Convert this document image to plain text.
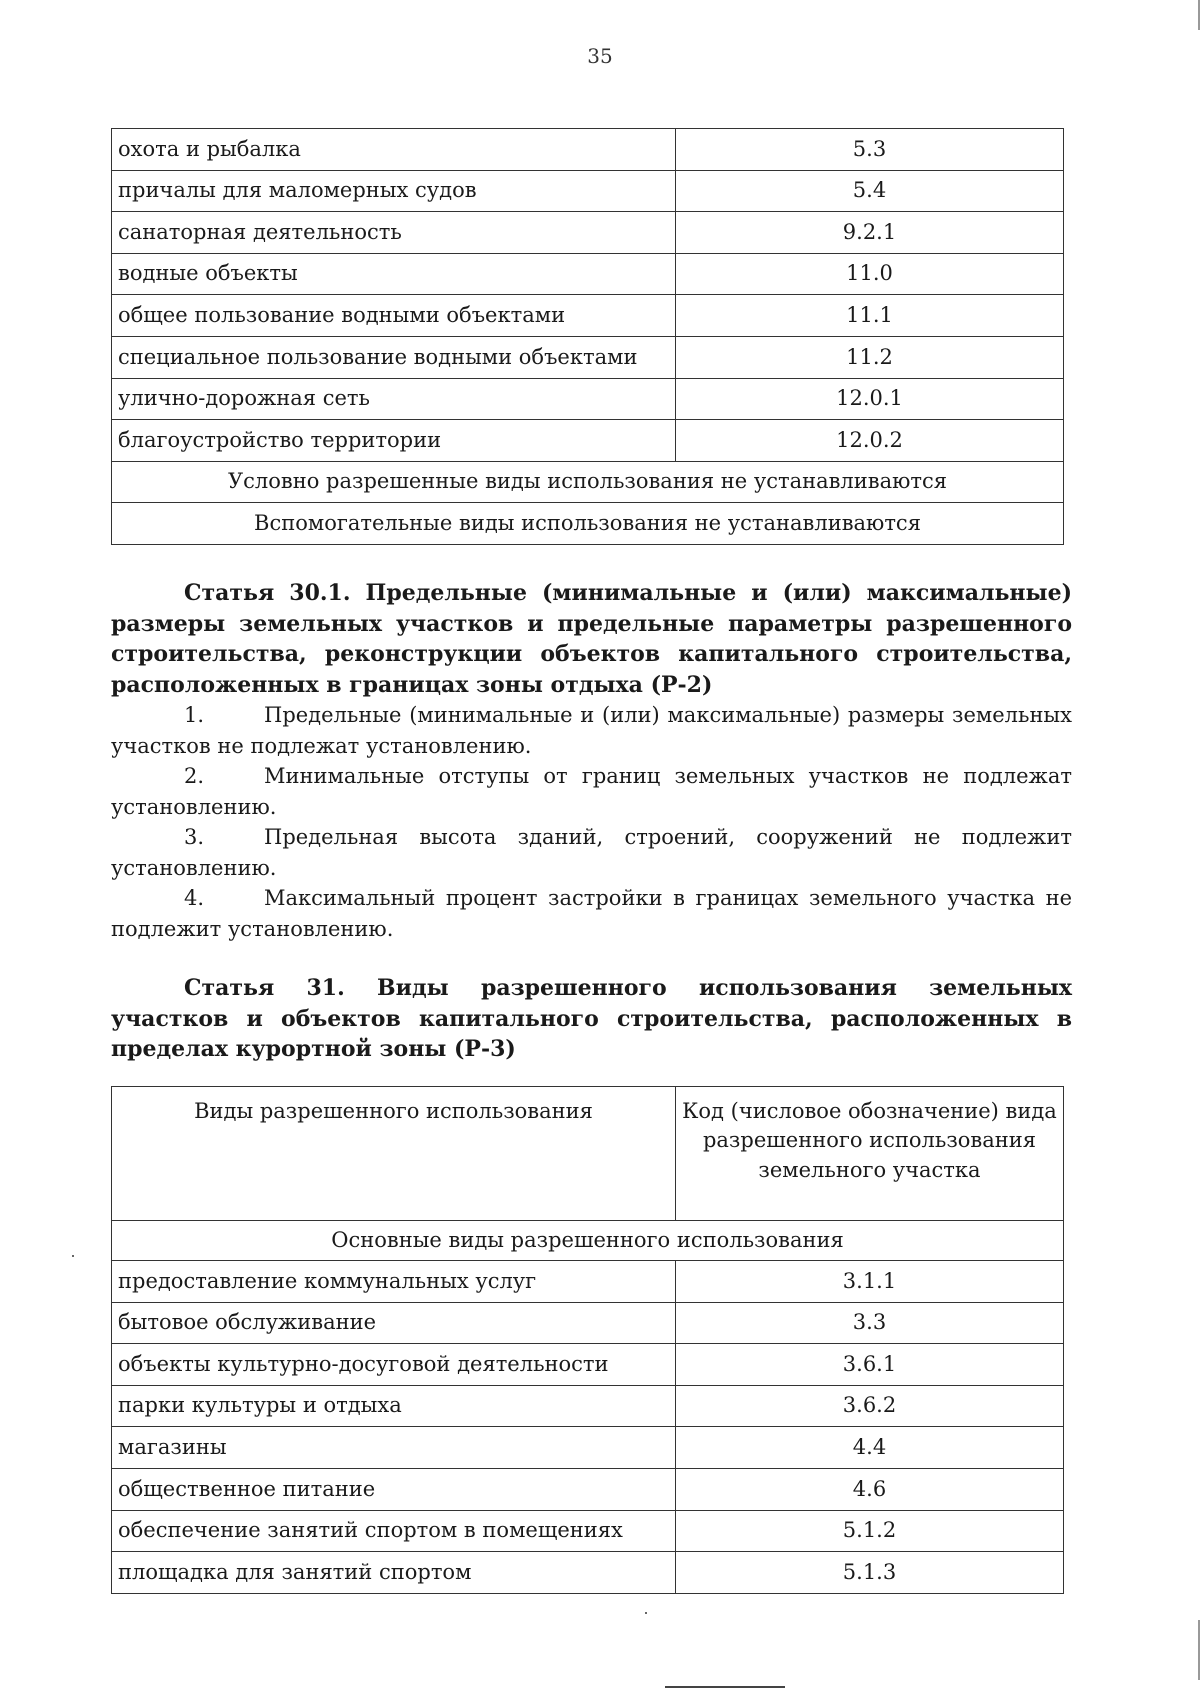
35
охота и рыбалка	5.3
причалы для маломерных судов	5.4
санаторная деятельность	9.2.1
водные объекты	11.0
общее пользование водными объектами	11.1
специальное пользование водными объектами	11.2
улично-дорожная сеть	12.0.1
благоустройство территории	12.0.2
Условно разрешенные виды использования не устанавливаются	
Вспомогательные виды использования не устанавливаются	

Статья 30.1. Предельные (минимальные и (или) максимальные) размеры земельных участков и предельные параметры разрешенного строительства, реконструкции объектов капитального строительства, расположенных в границах зоны отдыха (Р-2)

1.	Предельные (минимальные и (или) максимальные) размеры земельных участков не подлежат установлению.

2.	Минимальные отступы от границ земельных участков не подлежат установлению.

3.	Предельная высота зданий, строений, сооружений не подлежит установлению.

4.	Максимальный процент застройки в границах земельного участка не подлежит установлению.

Статья 31. Виды разрешенного использования земельных участков и объектов капитального строительства, расположенных в пределах курортной зоны (Р-3)

Виды разрешенного использования	Код (числовое обозначение) вида разрешенного использования земельного участка
Основные виды разрешенного использования	
предоставление коммунальных услуг	3.1.1
бытовое обслуживание	3.3
объекты культурно-досуговой деятельности	3.6.1
парки культуры и отдыха	3.6.2
магазины	4.4
общественное питание	4.6
обеспечение занятий спортом в помещениях	5.1.2
площадка для занятий спортом	5.1.3
